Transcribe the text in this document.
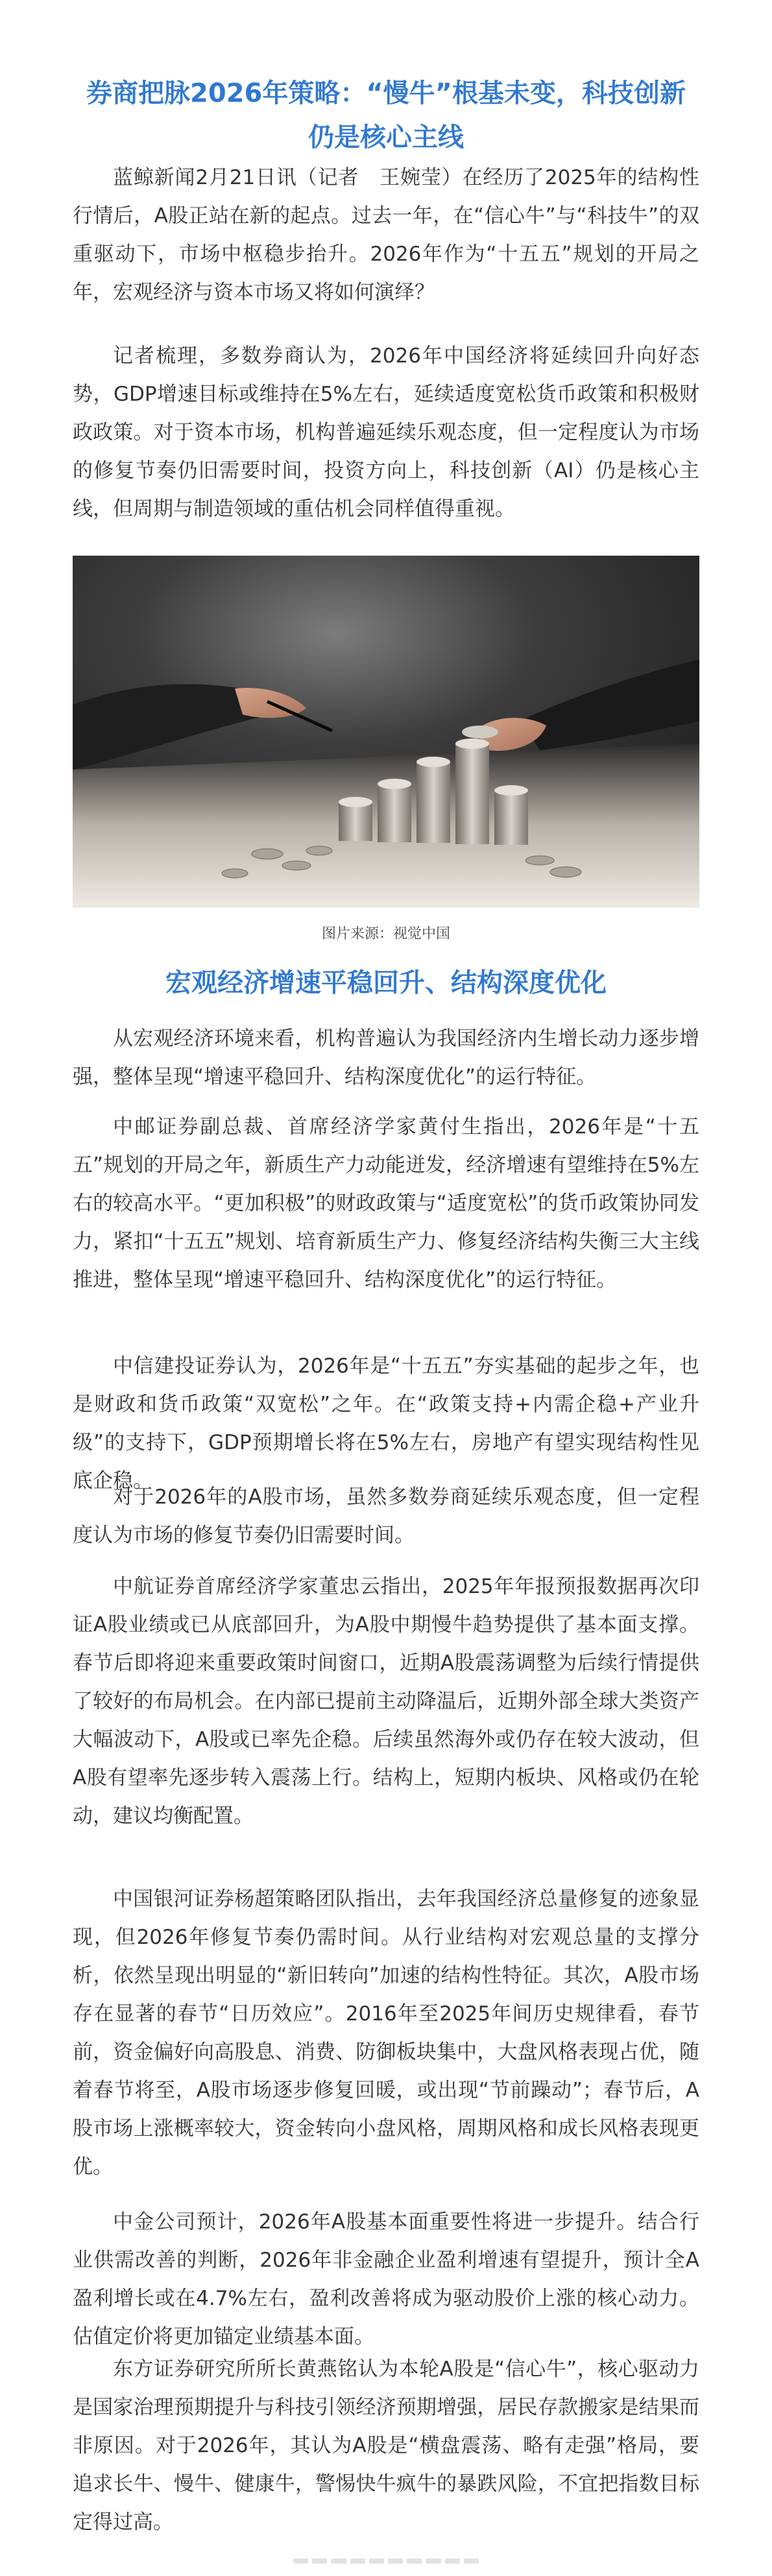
券商把脉2026年策略：“慢牛”根基未变，科技创新仍是核心主线

蓝鲸新闻2月21日讯（记者　王婉莹）在经历了2025年的结构性行情后，A股正站在新的起点。过去一年，在“信心牛”与“科技牛”的双重驱动下，市场中枢稳步抬升。2026年作为“十五五”规划的开局之年，宏观经济与资本市场又将如何演绎？

记者梳理，多数券商认为，2026年中国经济将延续回升向好态势，GDP增速目标或维持在5%左右，延续适度宽松货币政策和积极财政政策。对于资本市场，机构普遍延续乐观态度，但一定程度认为市场的修复节奏仍旧需要时间，投资方向上，科技创新（AI）仍是核心主线，但周期与制造领域的重估机会同样值得重视。

图片来源：视觉中国
宏观经济增速平稳回升、结构深度优化

从宏观经济环境来看，机构普遍认为我国经济内生增长动力逐步增强，整体呈现“增速平稳回升、结构深度优化”的运行特征。

中邮证券副总裁、首席经济学家黄付生指出，2026年是“十五五”规划的开局之年，新质生产力动能迸发，经济增速有望维持在5%左右的较高水平。“更加积极”的财政政策与“适度宽松”的货币政策协同发力，紧扣“十五五”规划、培育新质生产力、修复经济结构失衡三大主线推进，整体呈现“增速平稳回升、结构深度优化”的运行特征。

中信建投证券认为，2026年是“十五五”夯实基础的起步之年，也是财政和货币政策“双宽松”之年。在“政策支持+内需企稳+产业升级”的支持下，GDP预期增长将在5%左右，房地产有望实现结构性见底企稳。

对于2026年的A股市场，虽然多数券商延续乐观态度，但一定程度认为市场的修复节奏仍旧需要时间。

中航证券首席经济学家董忠云指出，2025年年报预报数据再次印证A股业绩或已从底部回升，为A股中期慢牛趋势提供了基本面支撑。春节后即将迎来重要政策时间窗口，近期A股震荡调整为后续行情提供了较好的布局机会。在内部已提前主动降温后，近期外部全球大类资产大幅波动下，A股或已率先企稳。后续虽然海外或仍存在较大波动，但A股有望率先逐步转入震荡上行。结构上，短期内板块、风格或仍在轮动，建议均衡配置。

中国银河证券杨超策略团队指出，去年我国经济总量修复的迹象显现，但2026年修复节奏仍需时间。从行业结构对宏观总量的支撑分析，依然呈现出明显的“新旧转向”加速的结构性特征。其次，A股市场存在显著的春节“日历效应”。2016年至2025年间历史规律看，春节前，资金偏好向高股息、消费、防御板块集中，大盘风格表现占优，随着春节将至，A股市场逐步修复回暖，或出现“节前躁动”；春节后，A股市场上涨概率较大，资金转向小盘风格，周期风格和成长风格表现更优。

中金公司预计，2026年A股基本面重要性将进一步提升。结合行业供需改善的判断，2026年非金融企业盈利增速有望提升，预计全A盈利增长或在4.7%左右，盈利改善将成为驱动股价上涨的核心动力。估值定价将更加锚定业绩基本面。

东方证券研究所所长黄燕铭认为本轮A股是“信心牛”，核心驱动力是国家治理预期提升与科技引领经济预期增强，居民存款搬家是结果而非原因。对于2026年，其认为A股是“横盘震荡、略有走强”格局，要追求长牛、慢牛、健康牛，警惕快牛疯牛的暴跌风险，不宜把指数目标定得过高。
